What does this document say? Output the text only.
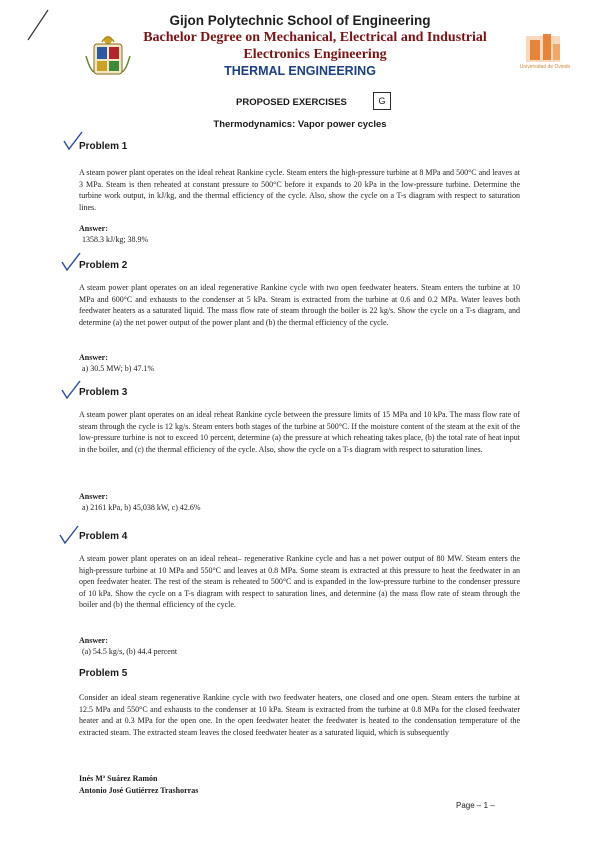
Gijon Polytechnic School of Engineering
Bachelor Degree on Mechanical, Electrical and Industrial Electronics Engineering
THERMAL ENGINEERING	Universidad de Oviedo
PROPOSED EXERCISES	G
Thermodynamics: Vapor power cycles
Problem 1
A steam power plant operates on the ideal reheat Rankine cycle. Steam enters the high-pressure turbine at 8 MPa and 500°C and leaves at 3 MPa. Steam is then reheated at constant pressure to 500°C before it expands to 20 kPa in the low-pressure turbine. Determine the turbine work output, in kJ/kg, and the thermal efficiency of the cycle. Also, show the cycle on a T-s diagram with respect to saturation lines.
Answer:
1358.3 kJ/kg; 38.9%
Problem 2
A steam power plant operates on an ideal regenerative Rankine cycle with two open feedwater heaters. Steam enters the turbine at 10 MPa and 600°C and exhausts to the condenser at 5 kPa. Steam is extracted from the turbine at 0.6 and 0.2 MPa. Water leaves both feedwater heaters as a saturated liquid. The mass flow rate of steam through the boiler is 22 kg/s. Show the cycle on a T-s diagram, and determine (a) the net power output of the power plant and (b) the thermal efficiency of the cycle.
Answer:
a) 30.5 MW; b) 47.1%
Problem 3
A steam power plant operates on an ideal reheat Rankine cycle between the pressure limits of 15 MPa and 10 kPa. The mass flow rate of steam through the cycle is 12 kg/s. Steam enters both stages of the turbine at 500°C. If the moisture content of the steam at the exit of the low-pressure turbine is not to exceed 10 percent, determine (a) the pressure at which reheating takes place, (b) the total rate of heat input in the boiler, and (c) the thermal efficiency of the cycle. Also, show the cycle on a T-s diagram with respect to saturation lines.
Answer:
a) 2161 kPa, b) 45,038 kW, c) 42.6%
Problem 4
A steam power plant operates on an ideal reheat– regenerative Rankine cycle and has a net power output of 80 MW. Steam enters the high-pressure turbine at 10 MPa and 550°C and leaves at 0.8 MPa. Some steam is extracted at this pressure to heat the feedwater in an open feedwater heater. The rest of the steam is reheated to 500°C and is expanded in the low-pressure turbine to the condenser pressure of 10 kPa. Show the cycle on a T-s diagram with respect to saturation lines, and determine (a) the mass flow rate of steam through the boiler and (b) the thermal efficiency of the cycle.
Answer:
(a) 54.5 kg/s, (b) 44.4 percent
Problem 5
Consider an ideal steam regenerative Rankine cycle with two feedwater heaters, one closed and one open. Steam enters the turbine at 12.5 MPa and 550°C and exhausts to the condenser at 10 kPa. Steam is extracted from the turbine at 0.8 MPa for the closed feedwater heater and at 0.3 MPa for the open one. In the open feedwater heater the feedwater is heated to the condensation temperature of the extracted steam. The extracted steam leaves the closed feedwater heater as a saturated liquid, which is subsequently
Inés Mª Suárez Ramón
Antonio José Gutiérrez Trashorras
Page – 1 –
